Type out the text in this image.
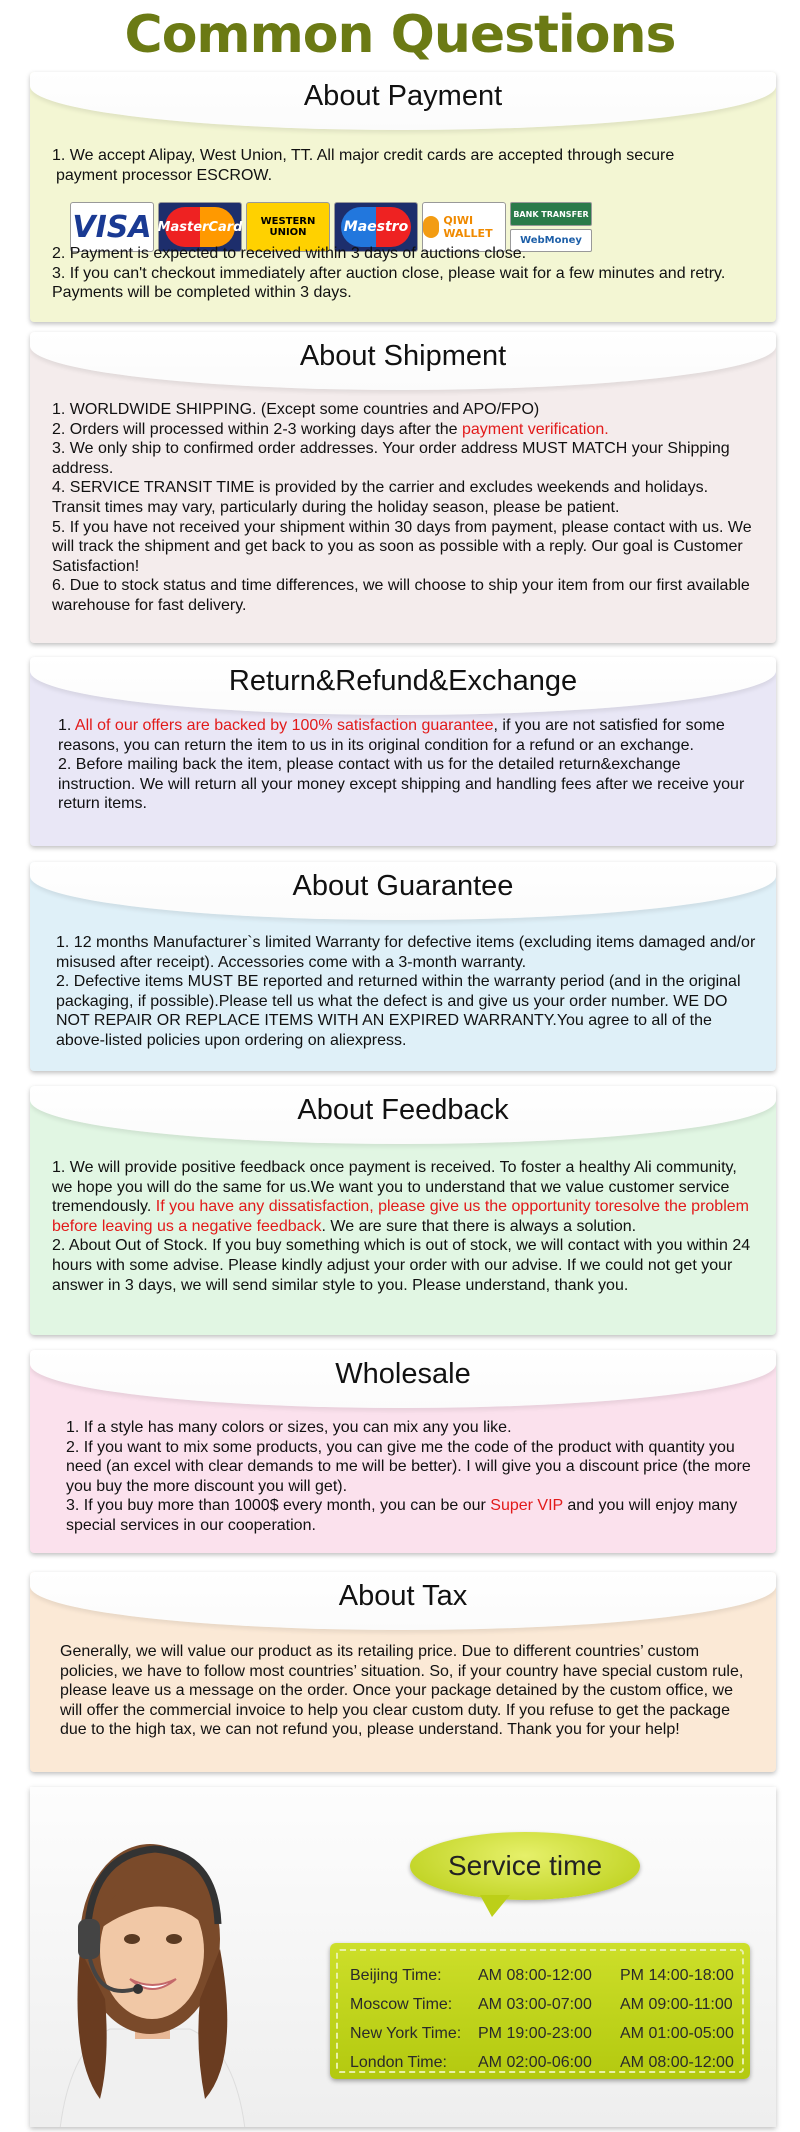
Common Questions
About Payment

1. We accept Alipay, West Union, TT. All major credit cards are accepted through secure

payment processor ESCROW.

VISA MasterCard	WESTERN UNION	Maestro	QIWI WALLET
BANK TRANSFER
WebMoney

2. Payment is expected to received within 3 days of auctions close.

3. If you can't checkout immediately after auction close, please wait for a few minutes and retry. Payments will be completed within 3 days.

About Shipment

1. WORLDWIDE SHIPPING. (Except some countries and APO/FPO)

2. Orders will processed within 2-3 working days after the payment verification.

3. We only ship to confirmed order addresses. Your order address MUST MATCH your Shipping address.

4. SERVICE TRANSIT TIME is provided by the carrier and excludes weekends and holidays. Transit times may vary, particularly during the holiday season, please be patient.

5. If you have not received your shipment within 30 days from payment, please contact with us. We will track the shipment and get back to you as soon as possible with a reply. Our goal is Customer Satisfaction!

6. Due to stock status and time differences, we will choose to ship your item from our first available warehouse for fast delivery.

Return&Refund&Exchange

1. All of our offers are backed by 100% satisfaction guarantee, if you are not satisfied for some reasons, you can return the item to us in its original condition for a refund or an exchange.

2. Before mailing back the item, please contact with us for the detailed return&exchange instruction. We will return all your money except shipping and handling fees after we receive your return items.

About Guarantee

1. 12 months Manufacturer`s limited Warranty for defective items (excluding items damaged and/or misused after receipt). Accessories come with a 3-month warranty.

2. Defective items MUST BE reported and returned within the warranty period (and in the original packaging, if possible).Please tell us what the defect is and give us your order number. WE DO NOT REPAIR OR REPLACE ITEMS WITH AN EXPIRED WARRANTY.You agree to all of the above-listed policies upon ordering on aliexpress.

About Feedback

1. We will provide positive feedback once payment is received. To foster a healthy Ali community, we hope you will do the same for us.We want you to understand that we value customer service tremendously. If you have any dissatisfaction, please give us the opportunity toresolve the problem before leaving us a negative feedback. We are sure that there is always a solution.

2. About Out of Stock. If you buy something which is out of stock, we will contact with you within 24 hours with some advise. Please kindly adjust your order with our advise. If we could not get your answer in 3 days, we will send similar style to you. Please understand, thank you.

Wholesale

1. If a style has many colors or sizes, you can mix any you like.

2. If you want to mix some products, you can give me the code of the product with quantity you need (an excel with clear demands to me will be better). I will give you a discount price (the more you buy the more discount you will get).

3. If you buy more than 1000$ every month, you can be our Super VIP and you will enjoy many special services in our cooperation.

About Tax

Generally, we will value our product as its retailing price. Due to different countries’ custom policies, we have to follow most countries’ situation. So, if your country have special custom rule, please leave us a message on the order. Once your package detained by the custom office, we will offer the commercial invoice to help you clear custom duty. If you refuse to get the package due to the high tax, we can not refund you, please understand. Thank you for your help!

Service time
Beijing Time: AM 08:00-12:00 PM 14:00-18:00
Moscow Time: AM 03:00-07:00 AM 09:00-11:00
New York Time: PM 19:00-23:00 AM 01:00-05:00
London Time: AM 02:00-06:00 AM 08:00-12:00
